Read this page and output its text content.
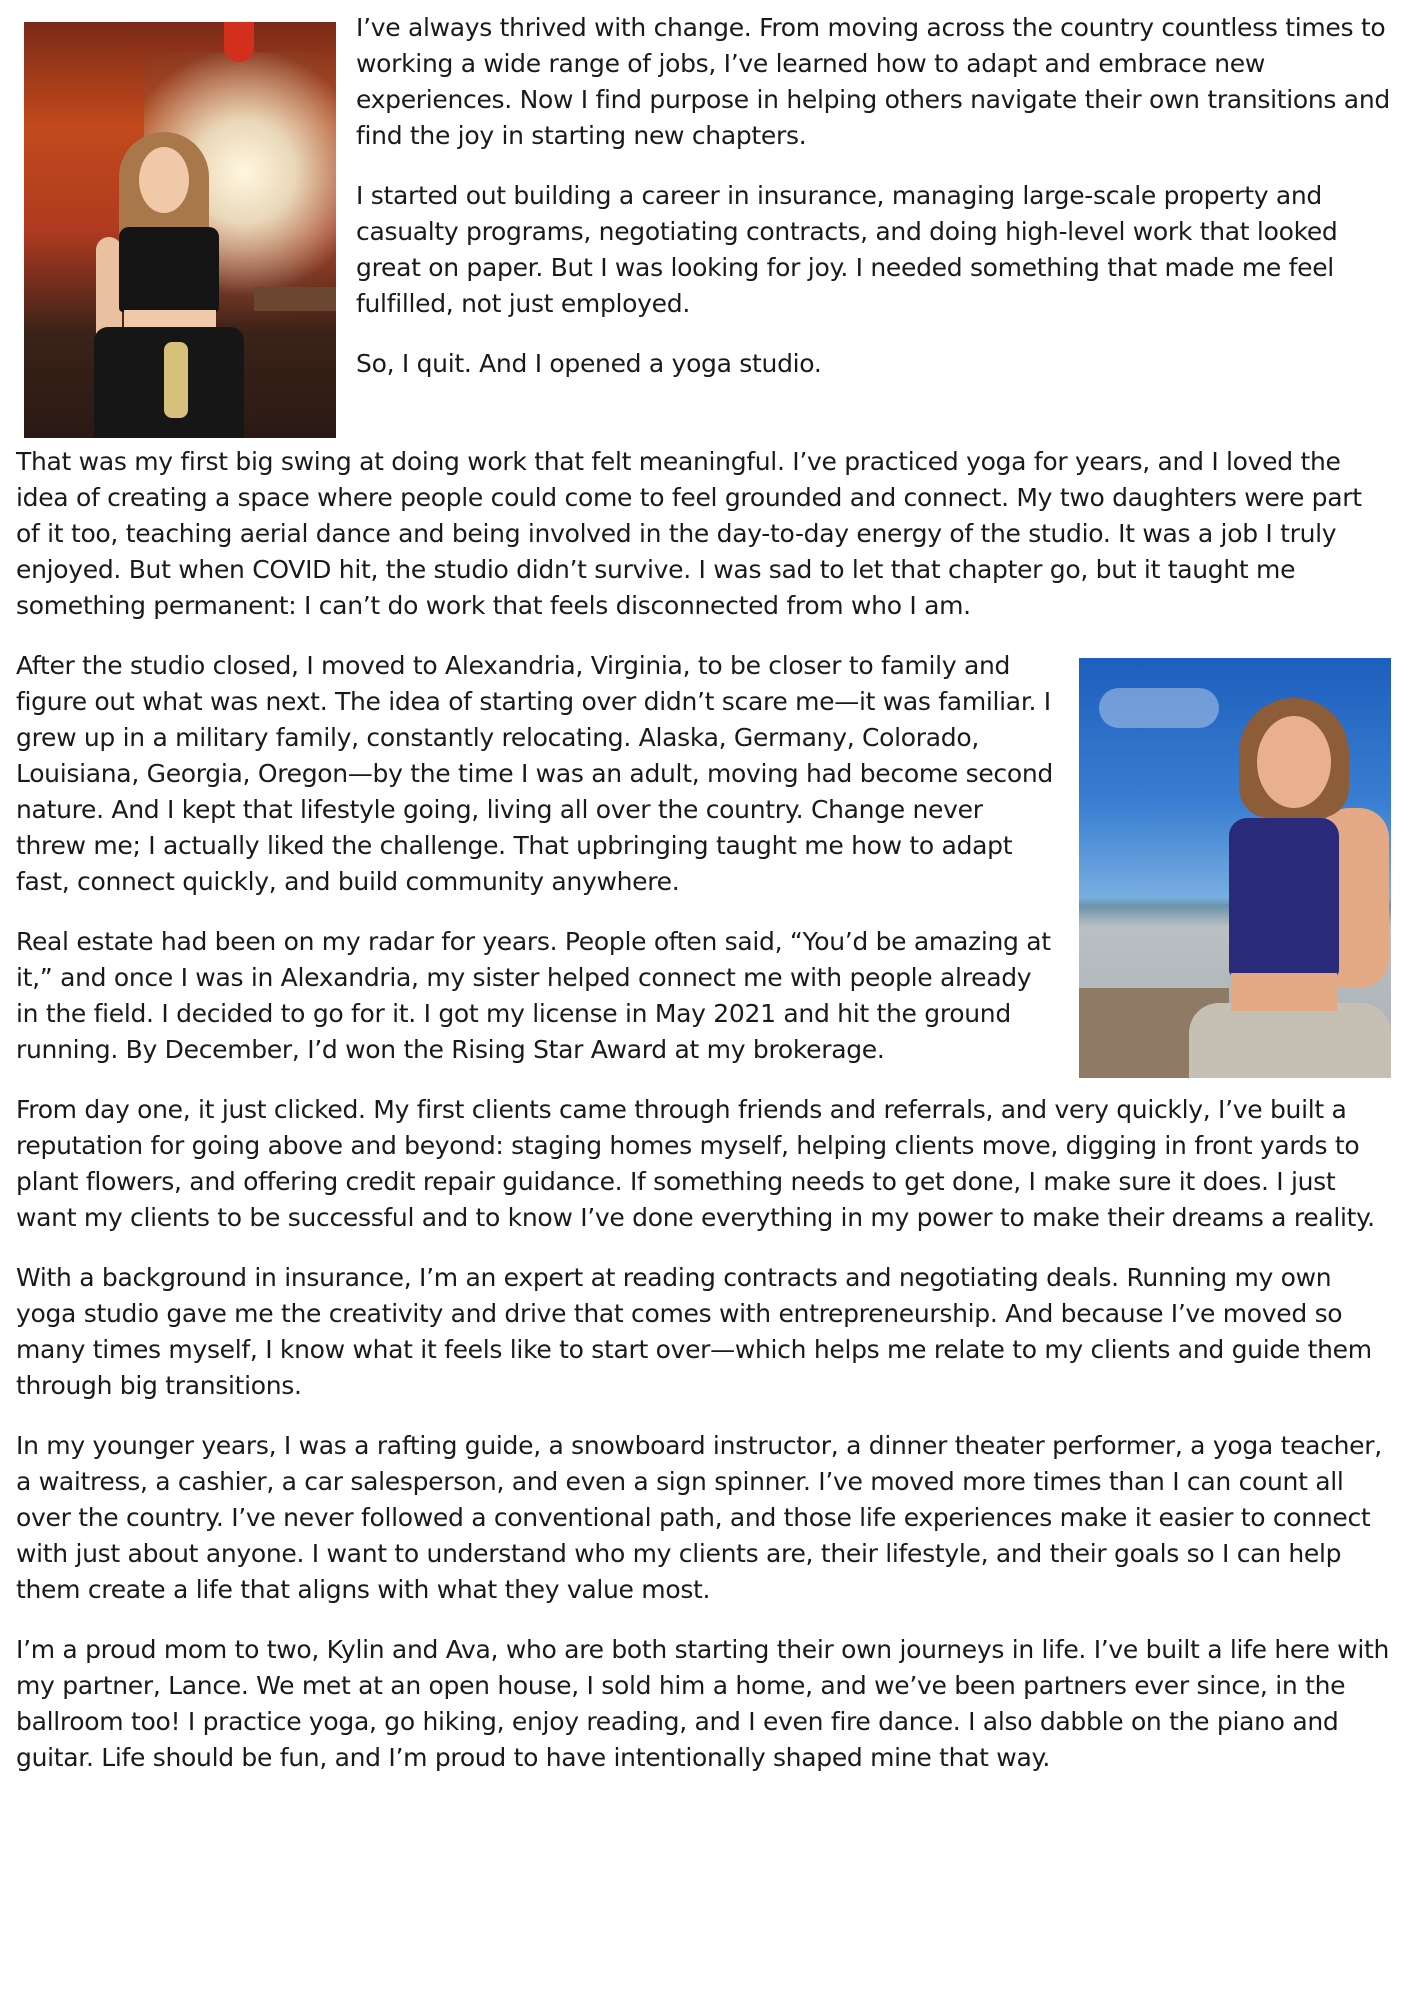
I’ve always thrived with change. From moving across the country countless times to working a wide range of jobs, I’ve learned how to adapt and embrace new experiences. Now I find purpose in helping others navigate their own transitions and find the joy in starting new chapters.

I started out building a career in insurance, managing large-scale property and casualty programs, negotiating contracts, and doing high-level work that looked great on paper. But I was looking for joy. I needed something that made me feel fulfilled, not just employed.

So, I quit. And I opened a yoga studio.

That was my first big swing at doing work that felt meaningful. I’ve practiced yoga for years, and I loved the idea of creating a space where people could come to feel grounded and connect. My two daughters were part of it too, teaching aerial dance and being involved in the day-to-day energy of the studio. It was a job I truly enjoyed. But when COVID hit, the studio didn’t survive. I was sad to let that chapter go, but it taught me something permanent: I can’t do work that feels disconnected from who I am.

After the studio closed, I moved to Alexandria, Virginia, to be closer to family and figure out what was next. The idea of starting over didn’t scare me—it was familiar. I grew up in a military family, constantly relocating. Alaska, Germany, Colorado, Louisiana, Georgia, Oregon—by the time I was an adult, moving had become second nature. And I kept that lifestyle going, living all over the country. Change never threw me; I actually liked the challenge. That upbringing taught me how to adapt fast, connect quickly, and build community anywhere.

Real estate had been on my radar for years. People often said, “You’d be amazing at it,” and once I was in Alexandria, my sister helped connect me with people already in the field. I decided to go for it. I got my license in May 2021 and hit the ground running. By December, I’d won the Rising Star Award at my brokerage.

From day one, it just clicked. My first clients came through friends and referrals, and very quickly, I’ve built a reputation for going above and beyond: staging homes myself, helping clients move, digging in front yards to plant flowers, and offering credit repair guidance. If something needs to get done, I make sure it does. I just want my clients to be successful and to know I’ve done everything in my power to make their dreams a reality.

With a background in insurance, I’m an expert at reading contracts and negotiating deals. Running my own yoga studio gave me the creativity and drive that comes with entrepreneurship. And because I’ve moved so many times myself, I know what it feels like to start over—which helps me relate to my clients and guide them through big transitions.

In my younger years, I was a rafting guide, a snowboard instructor, a dinner theater performer, a yoga teacher, a waitress, a cashier, a car salesperson, and even a sign spinner. I’ve moved more times than I can count all over the country. I’ve never followed a conventional path, and those life experiences make it easier to connect with just about anyone. I want to understand who my clients are, their lifestyle, and their goals so I can help them create a life that aligns with what they value most.

I’m a proud mom to two, Kylin and Ava, who are both starting their own journeys in life. I’ve built a life here with my partner, Lance. We met at an open house, I sold him a home, and we’ve been partners ever since, in the ballroom too! I practice yoga, go hiking, enjoy reading, and I even fire dance. I also dabble on the piano and guitar. Life should be fun, and I’m proud to have intentionally shaped mine that way.
